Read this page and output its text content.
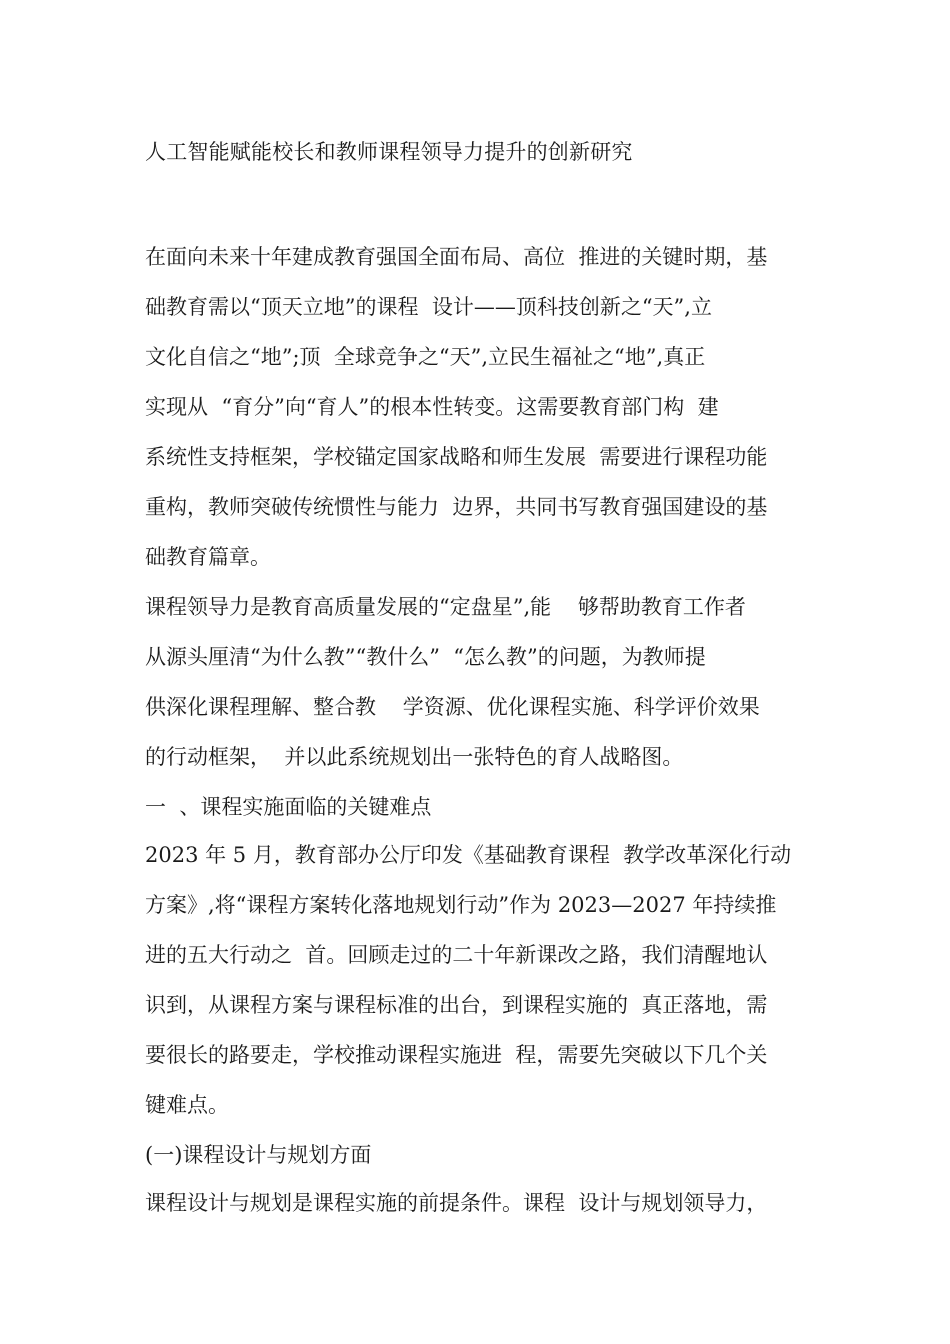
人工智能赋能校长和教师课程领导力提升的创新研究
在面向未来十年建成教育强国全面布局、高位  推进的关键时期，基
础教育需以“顶天立地”的课程  设计——顶科技创新之“天”,立
文化自信之“地”;顶  全球竞争之“天”,立民生福祉之“地”,真正
实现从  “育分”向“育人”的根本性转变。这需要教育部门构  建
系统性支持框架，学校锚定国家战略和师生发展  需要进行课程功能
重构，教师突破传统惯性与能力  边界，共同书写教育强国建设的基
础教育篇章。
课程领导力是教育高质量发展的“定盘星”,能    够帮助教育工作者
从源头厘清“为什么教”“教什么”  “怎么教”的问题，为教师提
供深化课程理解、整合教    学资源、优化课程实施、科学评价效果
的行动框架，  并以此系统规划出一张特色的育人战略图。
一  、课程实施面临的关键难点
2023 年 5 月，教育部办公厅印发《基础教育课程  教学改革深化行动
方案》,将“课程方案转化落地规划行动”作为 2023—2027 年持续推
进的五大行动之  首。回顾走过的二十年新课改之路，我们清醒地认
识到，从课程方案与课程标准的出台，到课程实施的  真正落地，需
要很长的路要走，学校推动课程实施进  程，需要先突破以下几个关
键难点。
(一)课程设计与规划方面
课程设计与规划是课程实施的前提条件。课程  设计与规划领导力，
